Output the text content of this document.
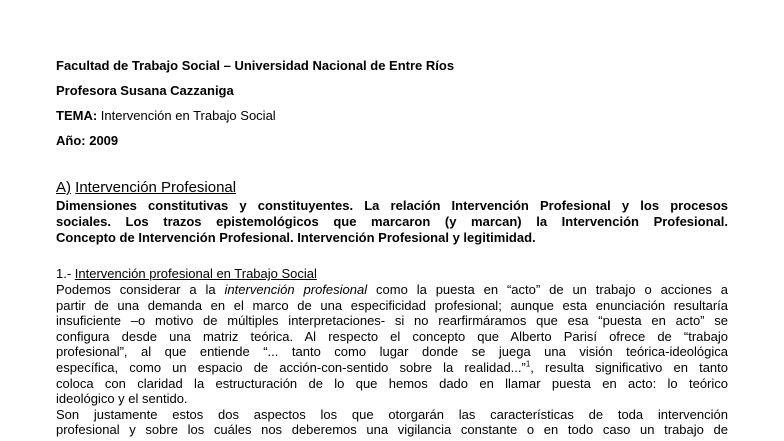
Facultad de Trabajo Social – Universidad Nacional de Entre Ríos
Profesora Susana Cazzaniga
TEMA: Intervención en Trabajo Social
Año: 2009
A) Intervención Profesional

Dimensiones constitutivas y constituyentes. La relación Intervención Profesional y los procesos

sociales. Los trazos epistemológicos que marcaron (y marcan) la Intervención Profesional.

Concepto de Intervención Profesional. Intervención Profesional y legitimidad.

1.- Intervención profesional en Trabajo Social
Podemos considerar a la intervención profesional como la puesta en “acto” de un trabajo o acciones a
partir de una demanda en el marco de una especificidad profesional; aunque esta enunciación resultaría
insuficiente –o motivo de múltiples interpretaciones- si no rearfirmáramos que esa “puesta en acto” se
configura desde una matriz teórica. Al respecto el concepto que Alberto Parisí ofrece de “trabajo
profesional”, al que entiende “... tanto como lugar donde se juega una visión teórica-ideológica
específica, como un espacio de acción-con-sentido sobre la realidad...”$^1$, resulta significativo en tanto
coloca con claridad la estructuración de lo que hemos dado en llamar puesta en acto: lo teórico
ideológico y el sentido.
Son justamente estos dos aspectos los que otorgarán las características de toda intervención
profesional y sobre los cuáles nos deberemos una vigilancia constante o en todo caso un trabajo de
